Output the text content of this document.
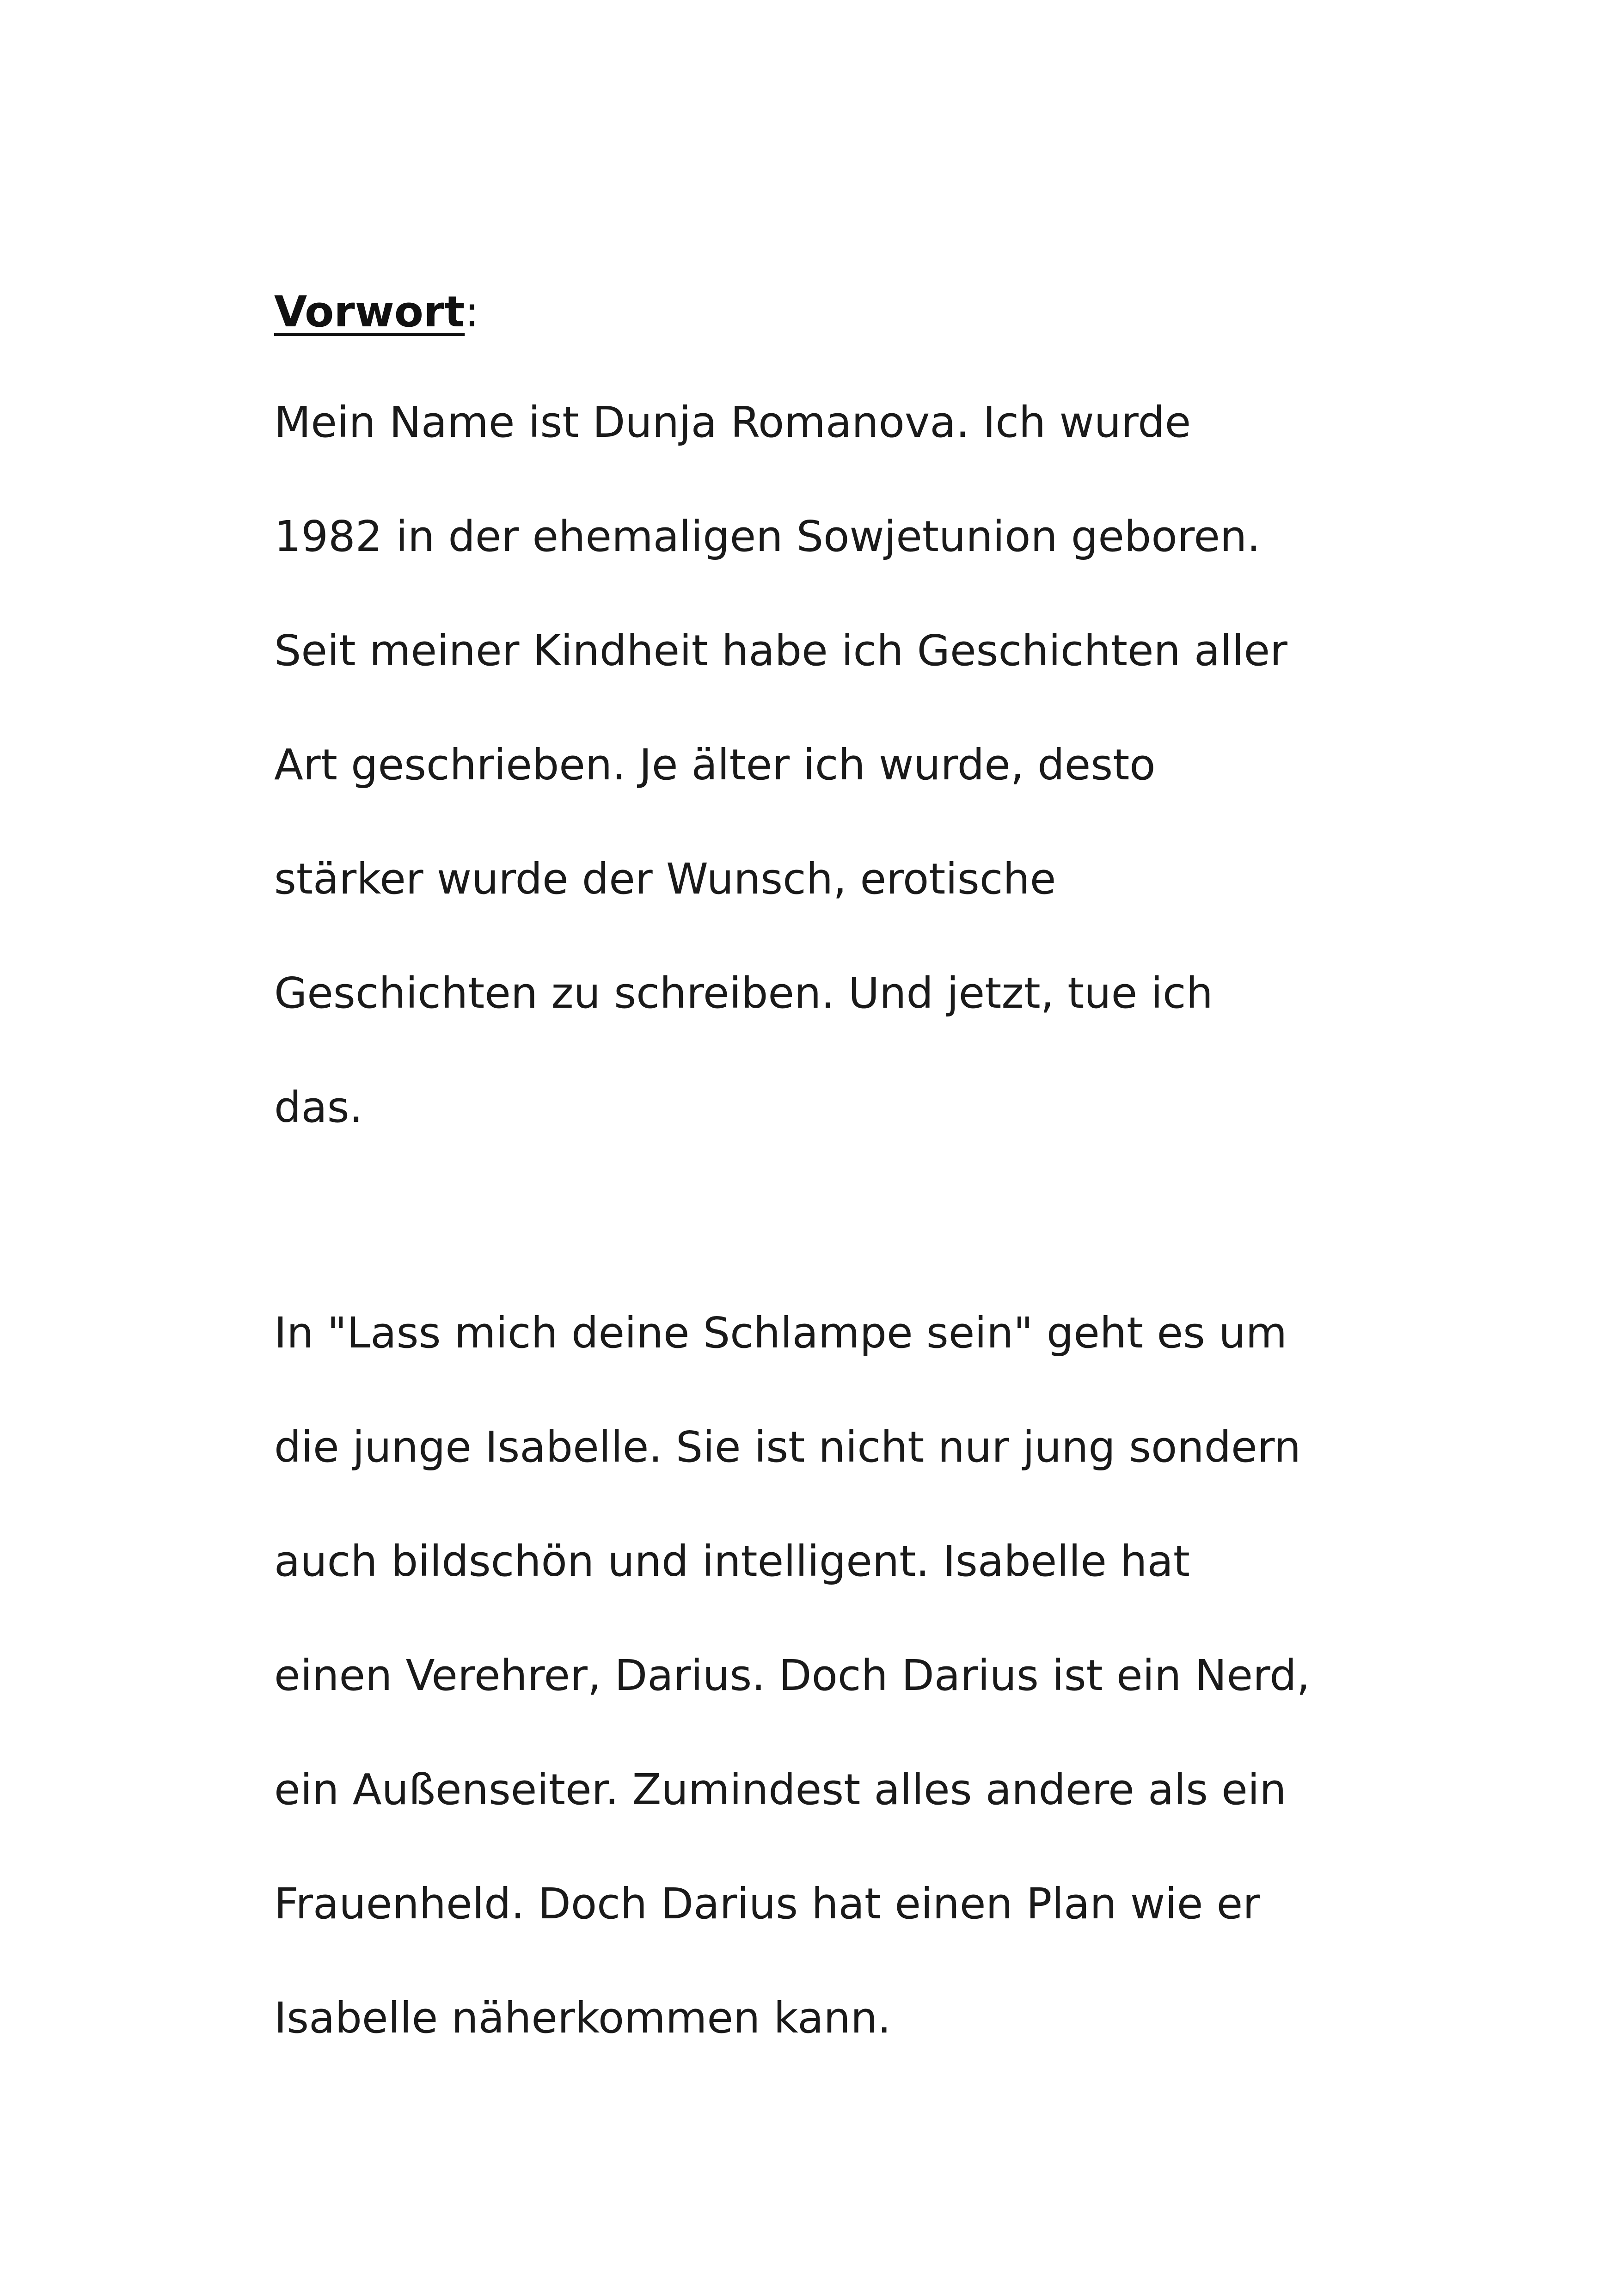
Vorwort:
Mein Name ist Dunja Romanova. Ich wurde
1982 in der ehemaligen Sowjetunion geboren.
Seit meiner Kindheit habe ich Geschichten aller
Art geschrieben. Je älter ich wurde, desto
stärker wurde der Wunsch, erotische
Geschichten zu schreiben. Und jetzt, tue ich
das.
In "Lass mich deine Schlampe sein" geht es um
die junge Isabelle. Sie ist nicht nur jung sondern
auch bildschön und intelligent. Isabelle hat
einen Verehrer, Darius. Doch Darius ist ein Nerd,
ein Außenseiter. Zumindest alles andere als ein
Frauenheld. Doch Darius hat einen Plan wie er
Isabelle näherkommen kann.
